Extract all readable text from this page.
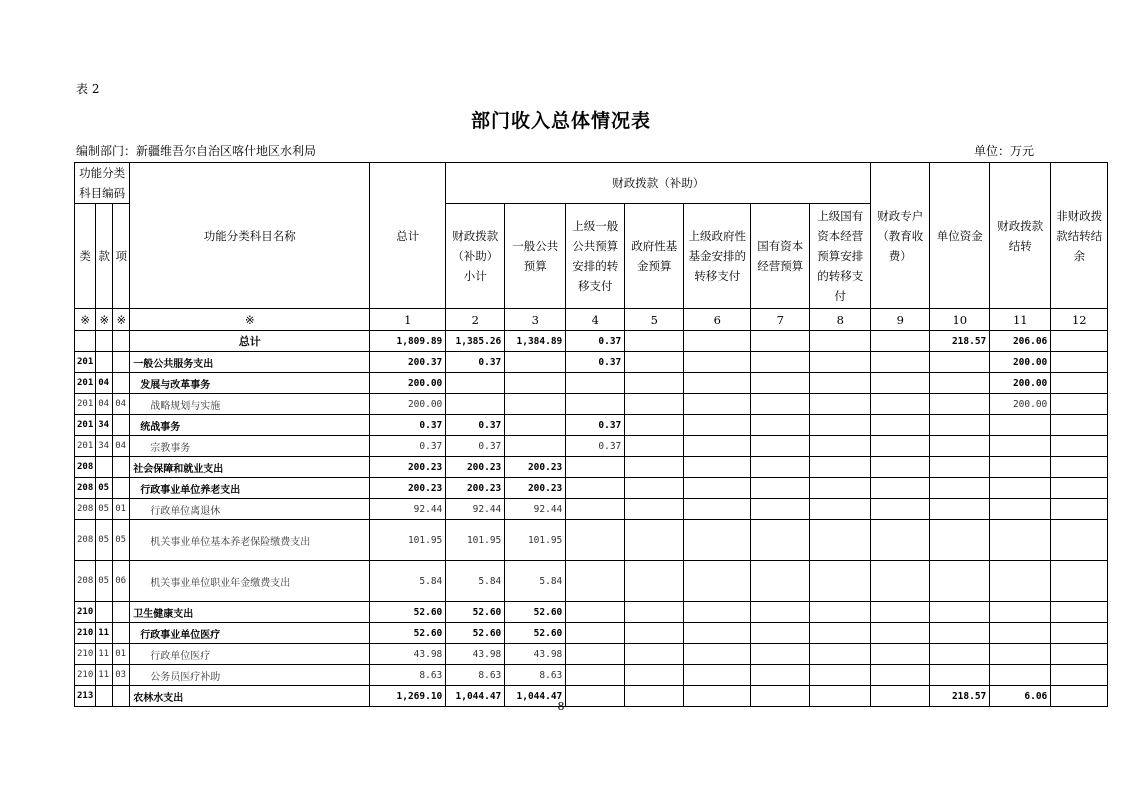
表 2
部门收入总体情况表
编制部门：新疆维吾尔自治区喀什地区水利局	单位：万元
功能分类科目编码			功能分类科目名称	总计	财政拨款（补助）							财政专户（教育收费）	单位资金	财政拨款结转	非财政拨款结转结余
类	款	项			财政拨款（补助）小计	一般公共预算	上级一般公共预算安排的转移支付	政府性基金预算	上级政府性基金安排的转移支付	国有资本经营预算	上级国有资本经营预算安排的转移支付				

※	※	※	※	1	2	3	4	5	6	7	8	9	10	11	12
			总计	1,809.89	1,385.26	1,384.89	0.37						218.57	206.06	
201			一般公共服务支出	200.37	0.37		0.37							200.00	
201	04		发展与改革事务	200.00										200.00	
201	04	04	战略规划与实施	200.00										200.00	
201	34		统战事务	0.37	0.37		0.37								
201	34	04	宗教事务	0.37	0.37		0.37								
208			社会保障和就业支出	200.23	200.23	200.23									
208	05		行政事业单位养老支出	200.23	200.23	200.23									
208	05	01	行政单位离退休	92.44	92.44	92.44									
208	05	05	机关事业单位基本养老保险缴费支出	101.95	101.95	101.95									
208	05	06	机关事业单位职业年金缴费支出	5.84	5.84	5.84									
210			卫生健康支出	52.60	52.60	52.60									
210	11		行政事业单位医疗	52.60	52.60	52.60									
210	11	01	行政单位医疗	43.98	43.98	43.98									
210	11	03	公务员医疗补助	8.63	8.63	8.63									
213			农林水支出	1,269.10	1,044.47	1,044.47							218.57	6.06	
8
